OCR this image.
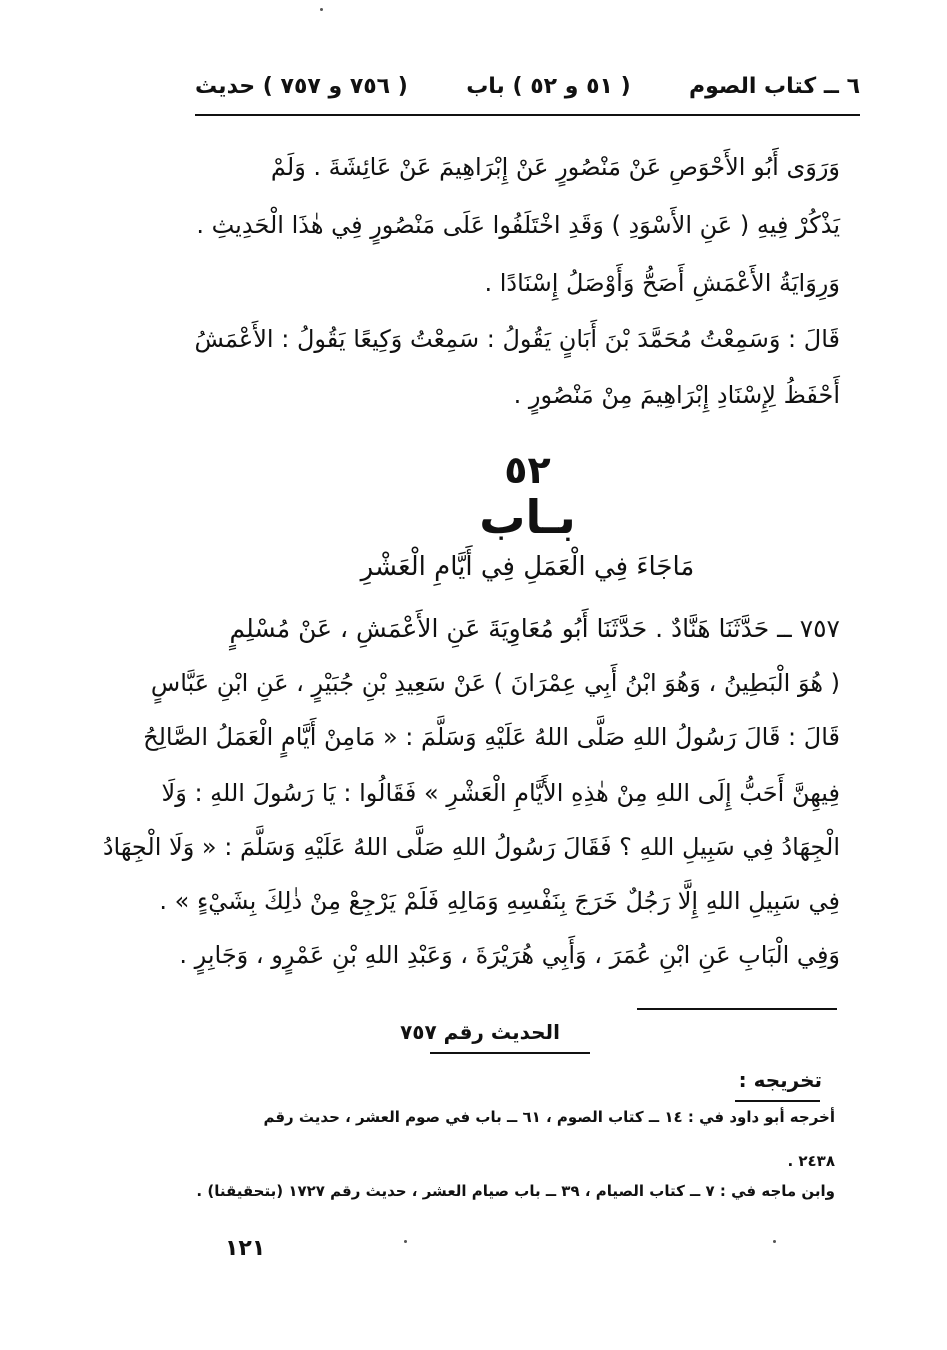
٦ ــ كتاب الصوم
( ٥١ و ٥٢ ) باب
( ٧٥٦ و ٧٥٧ ) حديث
وَرَوَى أَبُو الأَحْوَصِ عَنْ مَنْصُورٍ عَنْ إِبْرَاهِيمَ عَنْ عَائِشَةَ . وَلَمْ
يَذْكُرْ فِيهِ ( عَنِ الأَسْوَدِ ) وَقَدِ اخْتَلَفُوا عَلَى مَنْصُورٍ فِي هٰذَا الْحَدِيثِ .
وَرِوَايَةُ الأَعْمَشِ أَصَحُّ وَأَوْصَلُ إِسْنَادًا .
قَالَ : وَسَمِعْتُ مُحَمَّدَ بْنَ أَبَانٍ يَقُولُ : سَمِعْتُ وَكِيعًا يَقُولُ : الأَعْمَشُ
أَحْفَظُ لِإِسْنَادِ إِبْرَاهِيمَ مِنْ مَنْصُورٍ .
٥٢
بـاب
مَاجَاءَ فِي الْعَمَلِ فِي أَيَّامِ الْعَشْرِ
٧٥٧ ــ حَدَّثَنَا هَنَّادٌ . حَدَّثَنَا أَبُو مُعَاوِيَةَ عَنِ الأَعْمَشِ ، عَنْ مُسْلِمٍ
( هُوَ الْبَطِينُ ، وَهُوَ ابْنُ أَبِي عِمْرَانَ ) عَنْ سَعِيدِ بْنِ جُبَيْرٍ ، عَنِ ابْنِ عَبَّاسٍ
قَالَ : قَالَ رَسُولُ اللهِ صَلَّى اللهُ عَلَيْهِ وَسَلَّمَ : « مَامِنْ أَيَّامٍ الْعَمَلُ الصَّالِحُ
فِيهِنَّ أَحَبُّ إِلَى اللهِ مِنْ هٰذِهِ الأَيَّامِ الْعَشْرِ » فَقَالُوا : يَا رَسُولَ اللهِ : وَلَا
الْجِهَادُ فِي سَبِيلِ اللهِ ؟ فَقَالَ رَسُولُ اللهِ صَلَّى اللهُ عَلَيْهِ وَسَلَّمَ : « وَلَا الْجِهَادُ
فِي سَبِيلِ اللهِ إِلَّا رَجُلٌ خَرَجَ بِنَفْسِهِ وَمَالِهِ فَلَمْ يَرْجِعْ مِنْ ذٰلِكَ بِشَيْءٍ » .
وَفِي الْبَابِ عَنِ ابْنِ عُمَرَ ، وَأَبِي هُرَيْرَةَ ، وَعَبْدِ اللهِ بْنِ عَمْرٍو ، وَجَابِرٍ .
الحديث رقم ٧٥٧
تخريجه :
أخرجه أبو داود في : ١٤ ــ كتاب الصوم ، ٦١ ــ باب في صوم العشر ، حديث رقم
٢٤٣٨ .
وابن ماجه في : ٧ ــ كتاب الصيام ، ٣٩ ــ باب صيام العشر ، حديث رقم ١٧٢٧ (بتحقيقنا) .
١٢١
